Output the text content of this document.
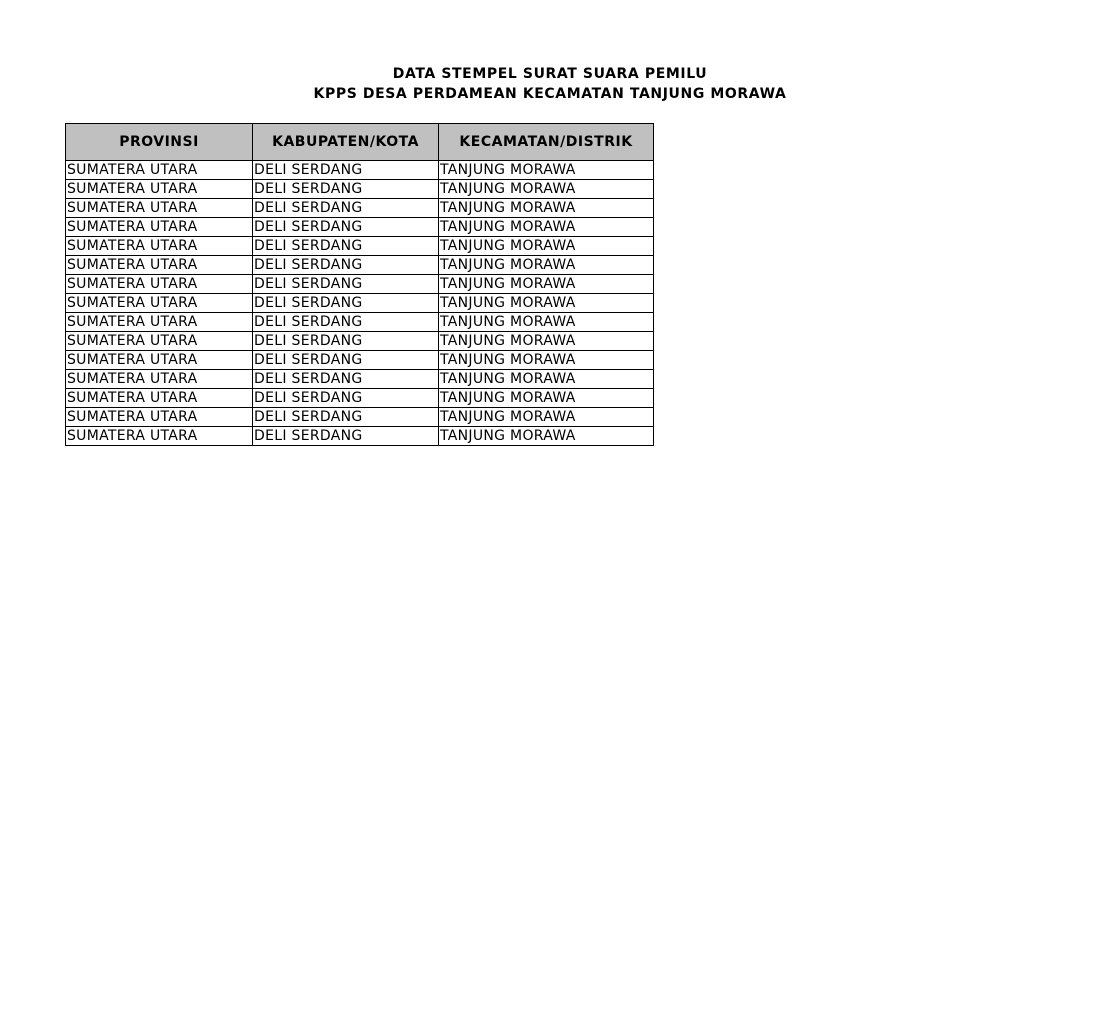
DATA STEMPEL SURAT SUARA PEMILU
KPPS DESA PERDAMEAN KECAMATAN TANJUNG MORAWA
PROVINSI	KABUPATEN/KOTA	KECAMATAN/DISTRIK
SUMATERA UTARA	DELI SERDANG	TANJUNG MORAWA
SUMATERA UTARA	DELI SERDANG	TANJUNG MORAWA
SUMATERA UTARA	DELI SERDANG	TANJUNG MORAWA
SUMATERA UTARA	DELI SERDANG	TANJUNG MORAWA
SUMATERA UTARA	DELI SERDANG	TANJUNG MORAWA
SUMATERA UTARA	DELI SERDANG	TANJUNG MORAWA
SUMATERA UTARA	DELI SERDANG	TANJUNG MORAWA
SUMATERA UTARA	DELI SERDANG	TANJUNG MORAWA
SUMATERA UTARA	DELI SERDANG	TANJUNG MORAWA
SUMATERA UTARA	DELI SERDANG	TANJUNG MORAWA
SUMATERA UTARA	DELI SERDANG	TANJUNG MORAWA
SUMATERA UTARA	DELI SERDANG	TANJUNG MORAWA
SUMATERA UTARA	DELI SERDANG	TANJUNG MORAWA
SUMATERA UTARA	DELI SERDANG	TANJUNG MORAWA
SUMATERA UTARA	DELI SERDANG	TANJUNG MORAWA
